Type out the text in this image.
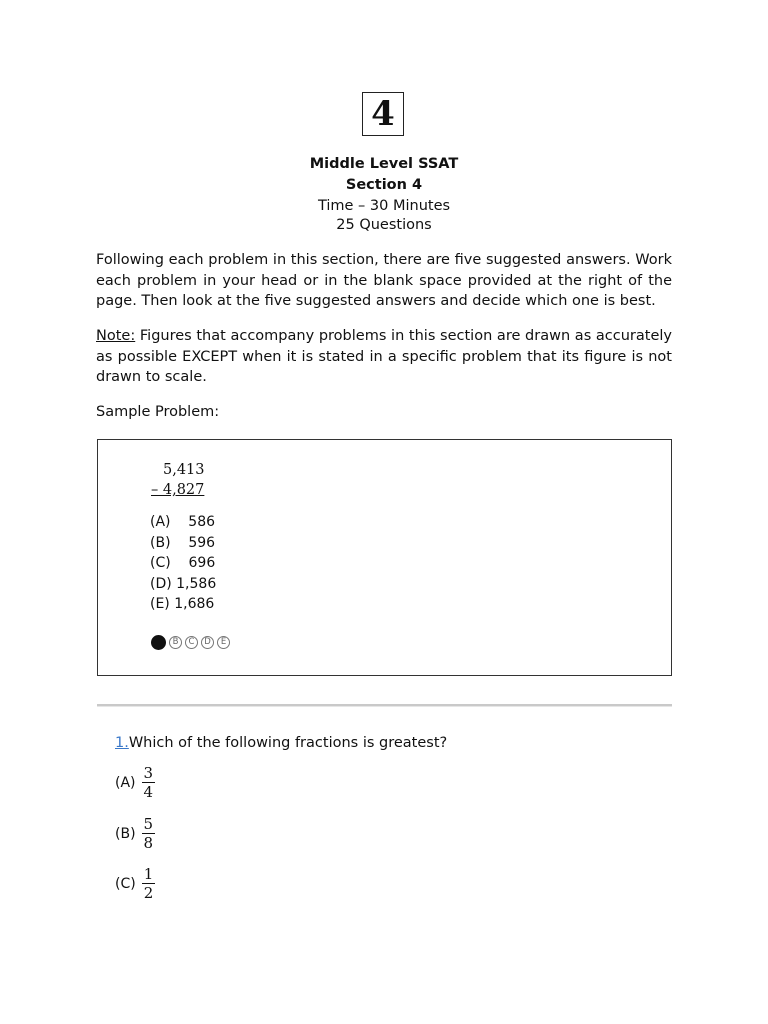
4
Middle Level SSAT
Section 4
Time – 30 Minutes
25 Questions
Following each problem in this section, there are five suggested answers. Work each problem in your head or in the blank space provided at the right of the page. Then look at the five suggested answers and decide which one is best.
Note: Figures that accompany problems in this section are drawn as accurately as possible EXCEPT when it is stated in a specific problem that its figure is not drawn to scale.
Sample Problem:
5,413
– 4,827
(A)    586
(B)    596
(C)    696
(D) 1,586
(E) 1,686
B	C	D	E
1.Which of the following fractions is greatest?
$(A) \frac{3}{4}$
$(B) \frac{5}{8}$
$(C) \frac{1}{2}$
